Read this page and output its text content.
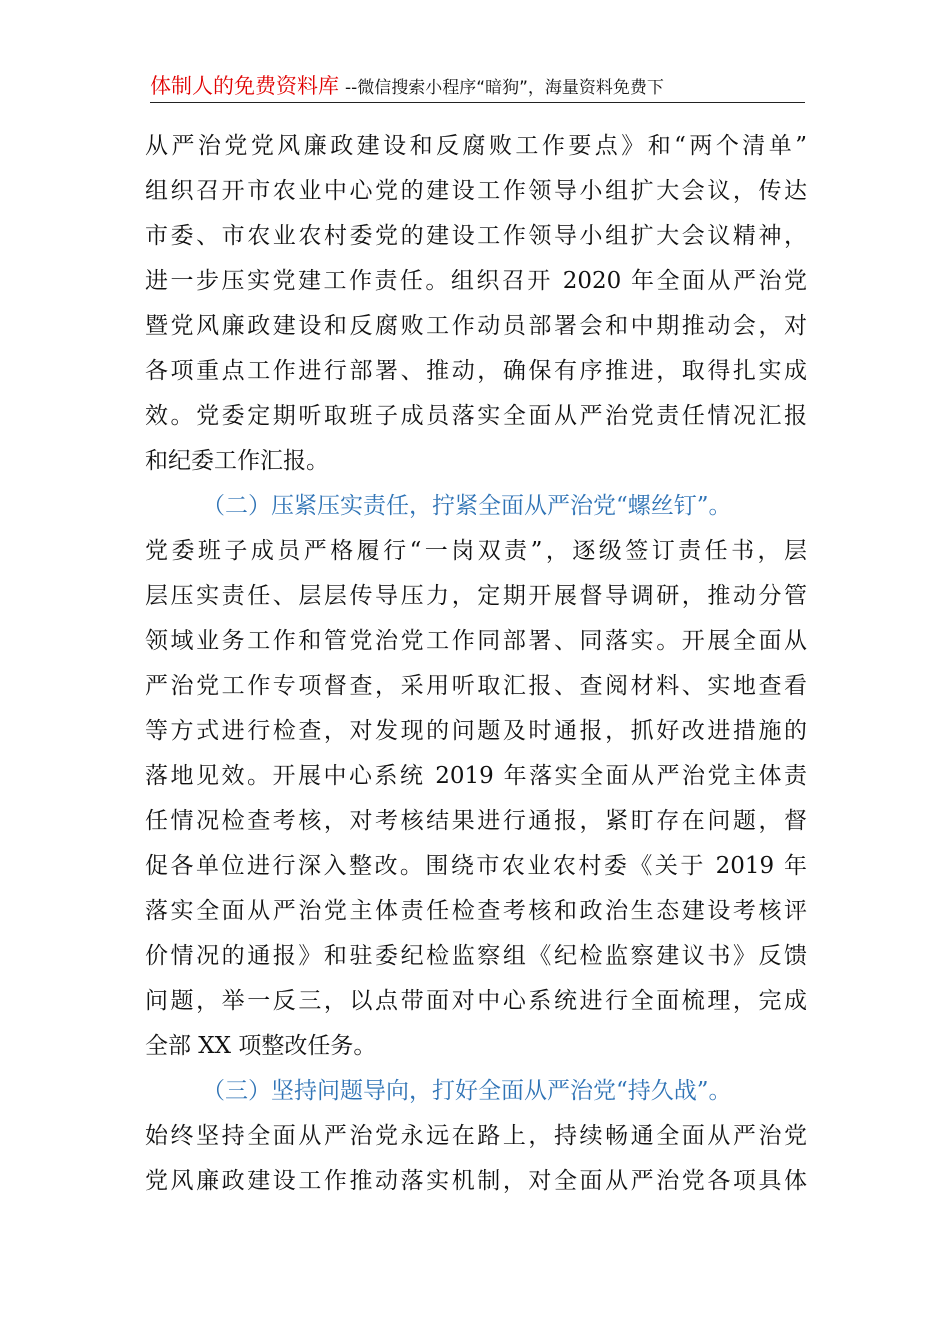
体制人的免费资料库 --微信搜索小程序“暗狗”，海量资料免费下
从严治党党风廉政建设和反腐败工作要点》和“两个清单”
组织召开市农业中心党的建设工作领导小组扩大会议，传达
市委、市农业农村委党的建设工作领导小组扩大会议精神，
进一步压实党建工作责任。组织召开 2020 年全面从严治党
暨党风廉政建设和反腐败工作动员部署会和中期推动会，对
各项重点工作进行部署、推动，确保有序推进，取得扎实成
效。党委定期听取班子成员落实全面从严治党责任情况汇报
和纪委工作汇报。
（二）压紧压实责任，拧紧全面从严治党“螺丝钉”。
党委班子成员严格履行“一岗双责”，逐级签订责任书，层
层压实责任、层层传导压力，定期开展督导调研，推动分管
领域业务工作和管党治党工作同部署、同落实。开展全面从
严治党工作专项督查，采用听取汇报、查阅材料、实地查看
等方式进行检查，对发现的问题及时通报，抓好改进措施的
落地见效。开展中心系统 2019 年落实全面从严治党主体责
任情况检查考核，对考核结果进行通报，紧盯存在问题，督
促各单位进行深入整改。围绕市农业农村委《关于 2019 年
落实全面从严治党主体责任检查考核和政治生态建设考核评
价情况的通报》和驻委纪检监察组《纪检监察建议书》反馈
问题，举一反三，以点带面对中心系统进行全面梳理，完成
全部 XX 项整改任务。
（三）坚持问题导向，打好全面从严治党“持久战”。
始终坚持全面从严治党永远在路上，持续畅通全面从严治党
党风廉政建设工作推动落实机制，对全面从严治党各项具体
